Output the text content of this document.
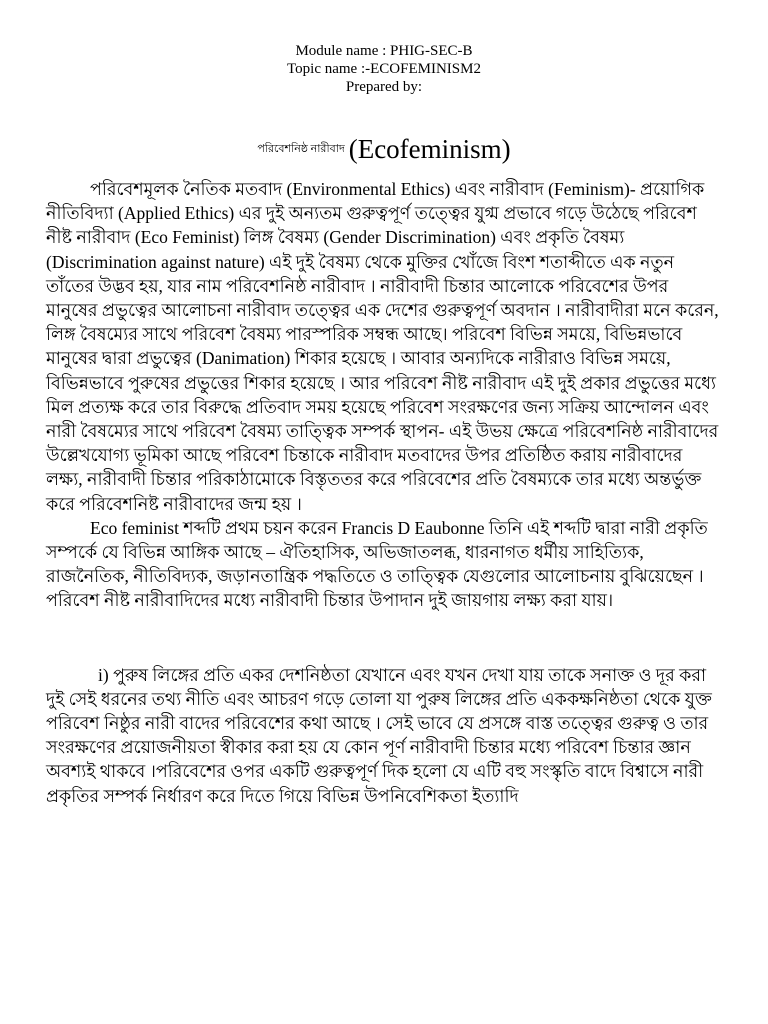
Module name : PHIG-SEC-B
Topic name :-ECOFEMINISM2
Prepared by:
পরিবেশনিষ্ঠ নারীবাদ (Ecofeminism)

পরিবেশমূলক নৈতিক মতবাদ (Environmental Ethics) এবং নারীবাদ (Feminism)- প্রয়োগিক নীতিবিদ্যা (Applied Ethics) এর দুই অন্যতম গুরুত্বপূর্ণ তত্ত্বের যুগ্ম প্রভাবে গড়ে উঠেছে পরিবেশ নীষ্ট নারীবাদ (Eco Feminist) লিঙ্গ বৈষম্য (Gender Discrimination) এবং প্রকৃতি বৈষম্য (Discrimination against nature) এই দুই বৈষম্য থেকে মুক্তির খোঁজে বিংশ শতাব্দীতে এক নতুন তাঁতের উদ্ভব হয়, যার নাম পরিবেশনিষ্ঠ নারীবাদ । নারীবাদী চিন্তার আলোকে পরিবেশের উপর মানুষের প্রভুত্বের আলোচনা নারীবাদ তত্ত্বের এক দেশের গুরুত্বপূর্ণ অবদান । নারীবাদীরা মনে করেন, লিঙ্গ বৈষম্যের সাথে পরিবেশ বৈষম্য পারস্পরিক সম্বন্ধ আছে। পরিবেশ বিভিন্ন সময়ে, বিভিন্নভাবে মানুষের দ্বারা প্রভুত্বের (Danimation) শিকার হয়েছে । আবার অন্যদিকে নারীরাও বিভিন্ন সময়ে, বিভিন্নভাবে পুরুষের প্রভুত্তের শিকার হয়েছে । আর পরিবেশ নীষ্ট নারীবাদ এই দুই প্রকার প্রভুত্তের মধ্যে মিল প্রত্যক্ষ করে তার বিরুদ্ধে প্রতিবাদ সময় হয়েছে পরিবেশ সংরক্ষণের জন্য সক্রিয় আন্দোলন এবং নারী বৈষম্যের সাথে পরিবেশ বৈষম্য তাত্ত্বিক সম্পর্ক স্থাপন- এই উভয় ক্ষেত্রে পরিবেশনিষ্ঠ নারীবাদের উল্লেখযোগ্য ভূমিকা আছে পরিবেশ চিন্তাকে নারীবাদ মতবাদের উপর প্রতিষ্ঠিত করায় নারীবাদের লক্ষ্য, নারীবাদী চিন্তার পরিকাঠামোকে বিস্তৃততর করে পরিবেশের প্রতি বৈষম্যকে তার মধ্যে অন্তর্ভুক্ত করে পরিবেশনিষ্ট নারীবাদের জন্ম হয় ।

Eco feminist শব্দটি প্রথম চয়ন করেন Francis D Eaubonne তিনি এই শব্দটি দ্বারা নারী প্রকৃতি সম্পর্কে যে বিভিন্ন আঙ্গিক আছে – ঐতিহাসিক, অভিজাতলব্ধ, ধারনাগত ধর্মীয় সাহিত্যিক, রাজনৈতিক, নীতিবিদ্যক, জড়ানতান্ত্রিক পদ্ধতিতে ও তাত্ত্বিক যেগুলোর আলোচনায় বুঝিয়েছেন । পরিবেশ নীষ্ট নারীবাদিদের মধ্যে নারীবাদী চিন্তার উপাদান দুই জায়গায় লক্ষ্য করা যায়।

i) পুরুষ লিঙ্গের প্রতি একর দেশনিষ্ঠতা যেখানে এবং যখন দেখা যায় তাকে সনাক্ত ও দূর করা দুই সেই ধরনের তথ্য নীতি এবং আচরণ গড়ে তোলা যা পুরুষ লিঙ্গের প্রতি এককক্ষনিষ্ঠতা থেকে যুক্ত পরিবেশ নিষ্ঠুর নারী বাদের পরিবেশের কথা আছে । সেই ভাবে যে প্রসঙ্গে বাস্ত তত্ত্বের গুরুত্ব ও তার সংরক্ষণের প্রয়োজনীয়তা স্বীকার করা হয় যে কোন পূর্ণ নারীবাদী চিন্তার মধ্যে পরিবেশ চিন্তার জ্ঞান অবশ্যই থাকবে ।পরিবেশের ওপর একটি গুরুত্বপূর্ণ দিক হলো যে এটি বহু সংস্কৃতি বাদে বিশ্বাসে নারী প্রকৃতির সম্পর্ক নির্ধারণ করে দিতে গিয়ে বিভিন্ন উপনিবেশিকতা ইত্যাদি
